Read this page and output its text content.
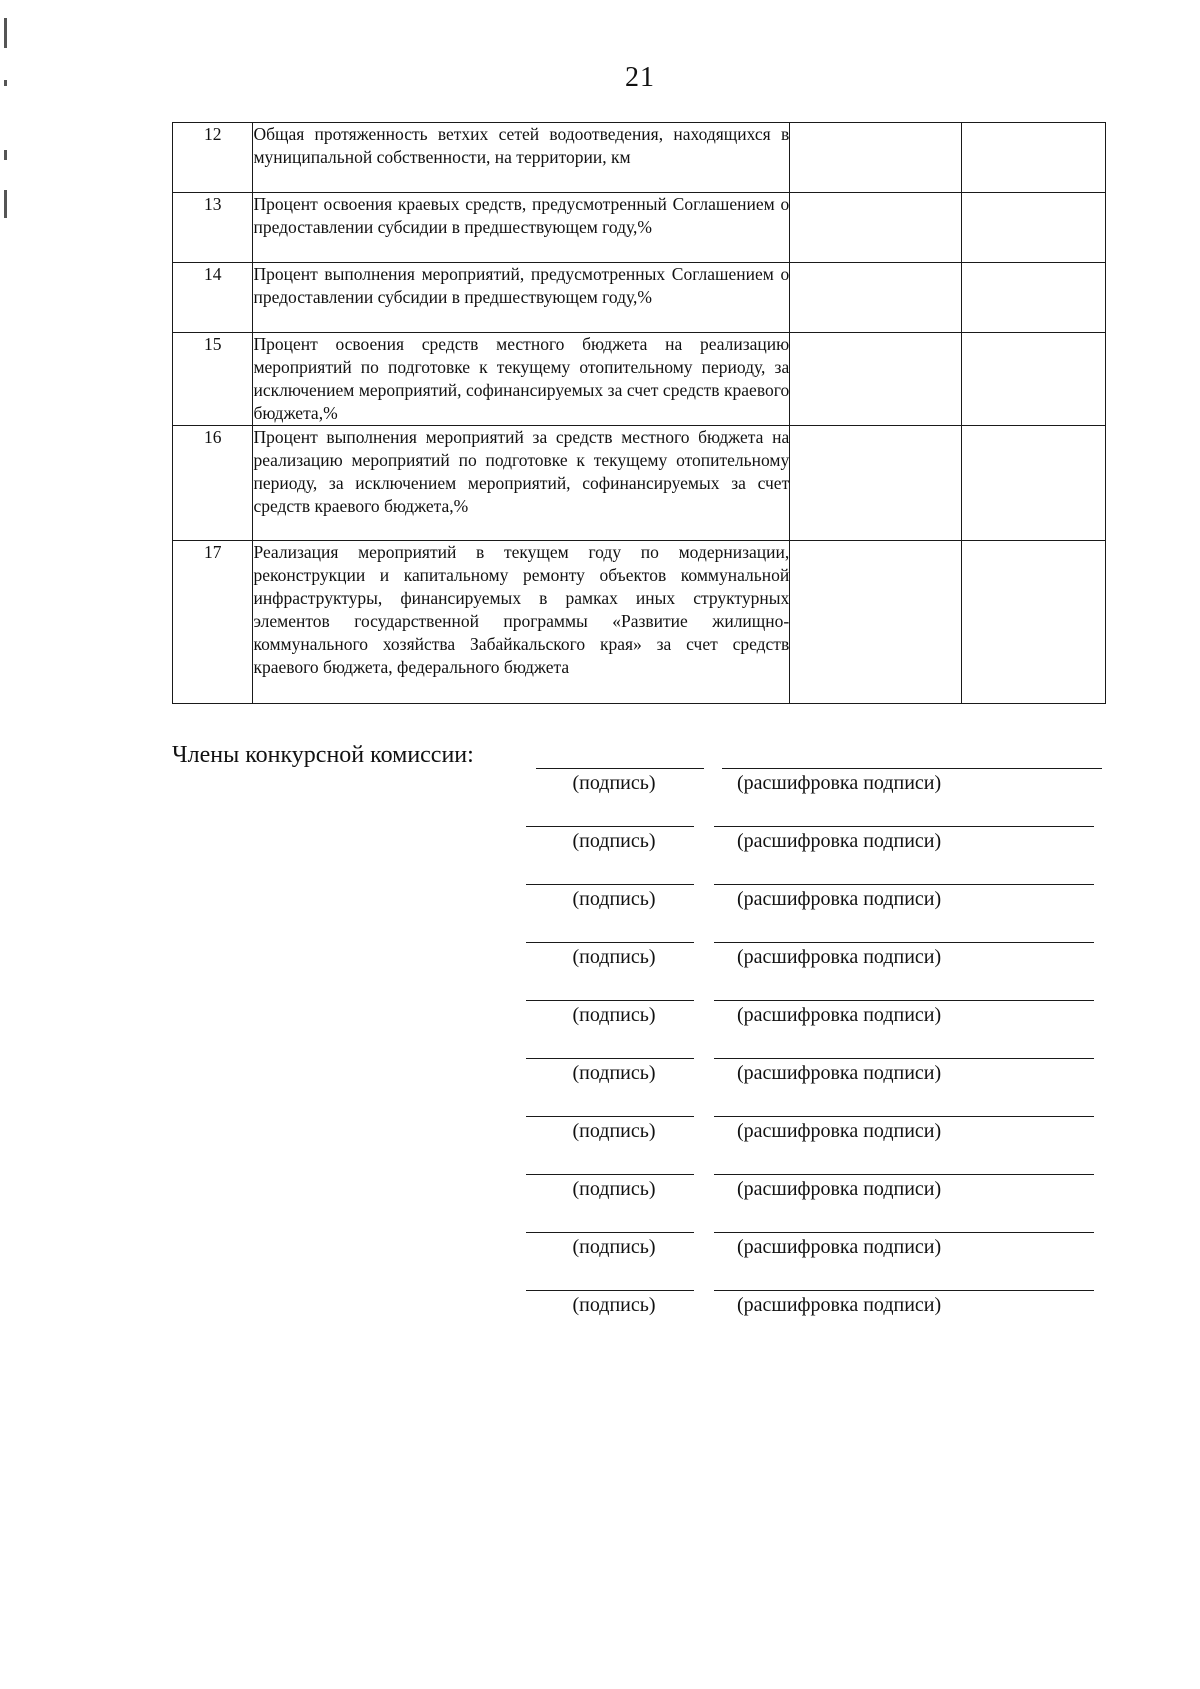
21
12	Общая протяженность ветхих сетей водоотведения, находящихся в муниципальной собственности, на территории, км		
13	Процент освоения краевых средств, предусмотренный Соглашением о предоставлении субсидии в предшествующем году,%		
14	Процент выполнения мероприятий, предусмотренных Соглашением о предоставлении субсидии в предшествующем году,%		
15	Процент освоения средств местного бюджета на реализацию мероприятий по подготовке к текущему отопительному периоду, за исключением мероприятий, софинансируемых за счет средств краевого бюджета,%		
16	Процент выполнения мероприятий за средств местного бюджета на реализацию мероприятий по подготовке к текущему отопительному периоду, за исключением мероприятий, софинансируемых за счет средств краевого бюджета,%		
17	Реализация мероприятий в текущем году по модернизации, реконструкции и капитальному ремонту объектов коммунальной инфраструктуры, финансируемых в рамках иных структурных элементов государственной программы «Развитие жилищно-коммунального хозяйства Забайкальского края» за счет средств краевого бюджета, федерального бюджета		
Члены конкурсной комиссии:
(подпись)	(расшифровка подписи)
(подпись)	(расшифровка подписи)
(подпись)	(расшифровка подписи)
(подпись)	(расшифровка подписи)
(подпись)	(расшифровка подписи)
(подпись)	(расшифровка подписи)
(подпись)	(расшифровка подписи)
(подпись)	(расшифровка подписи)
(подпись)	(расшифровка подписи)
(подпись)	(расшифровка подписи)
